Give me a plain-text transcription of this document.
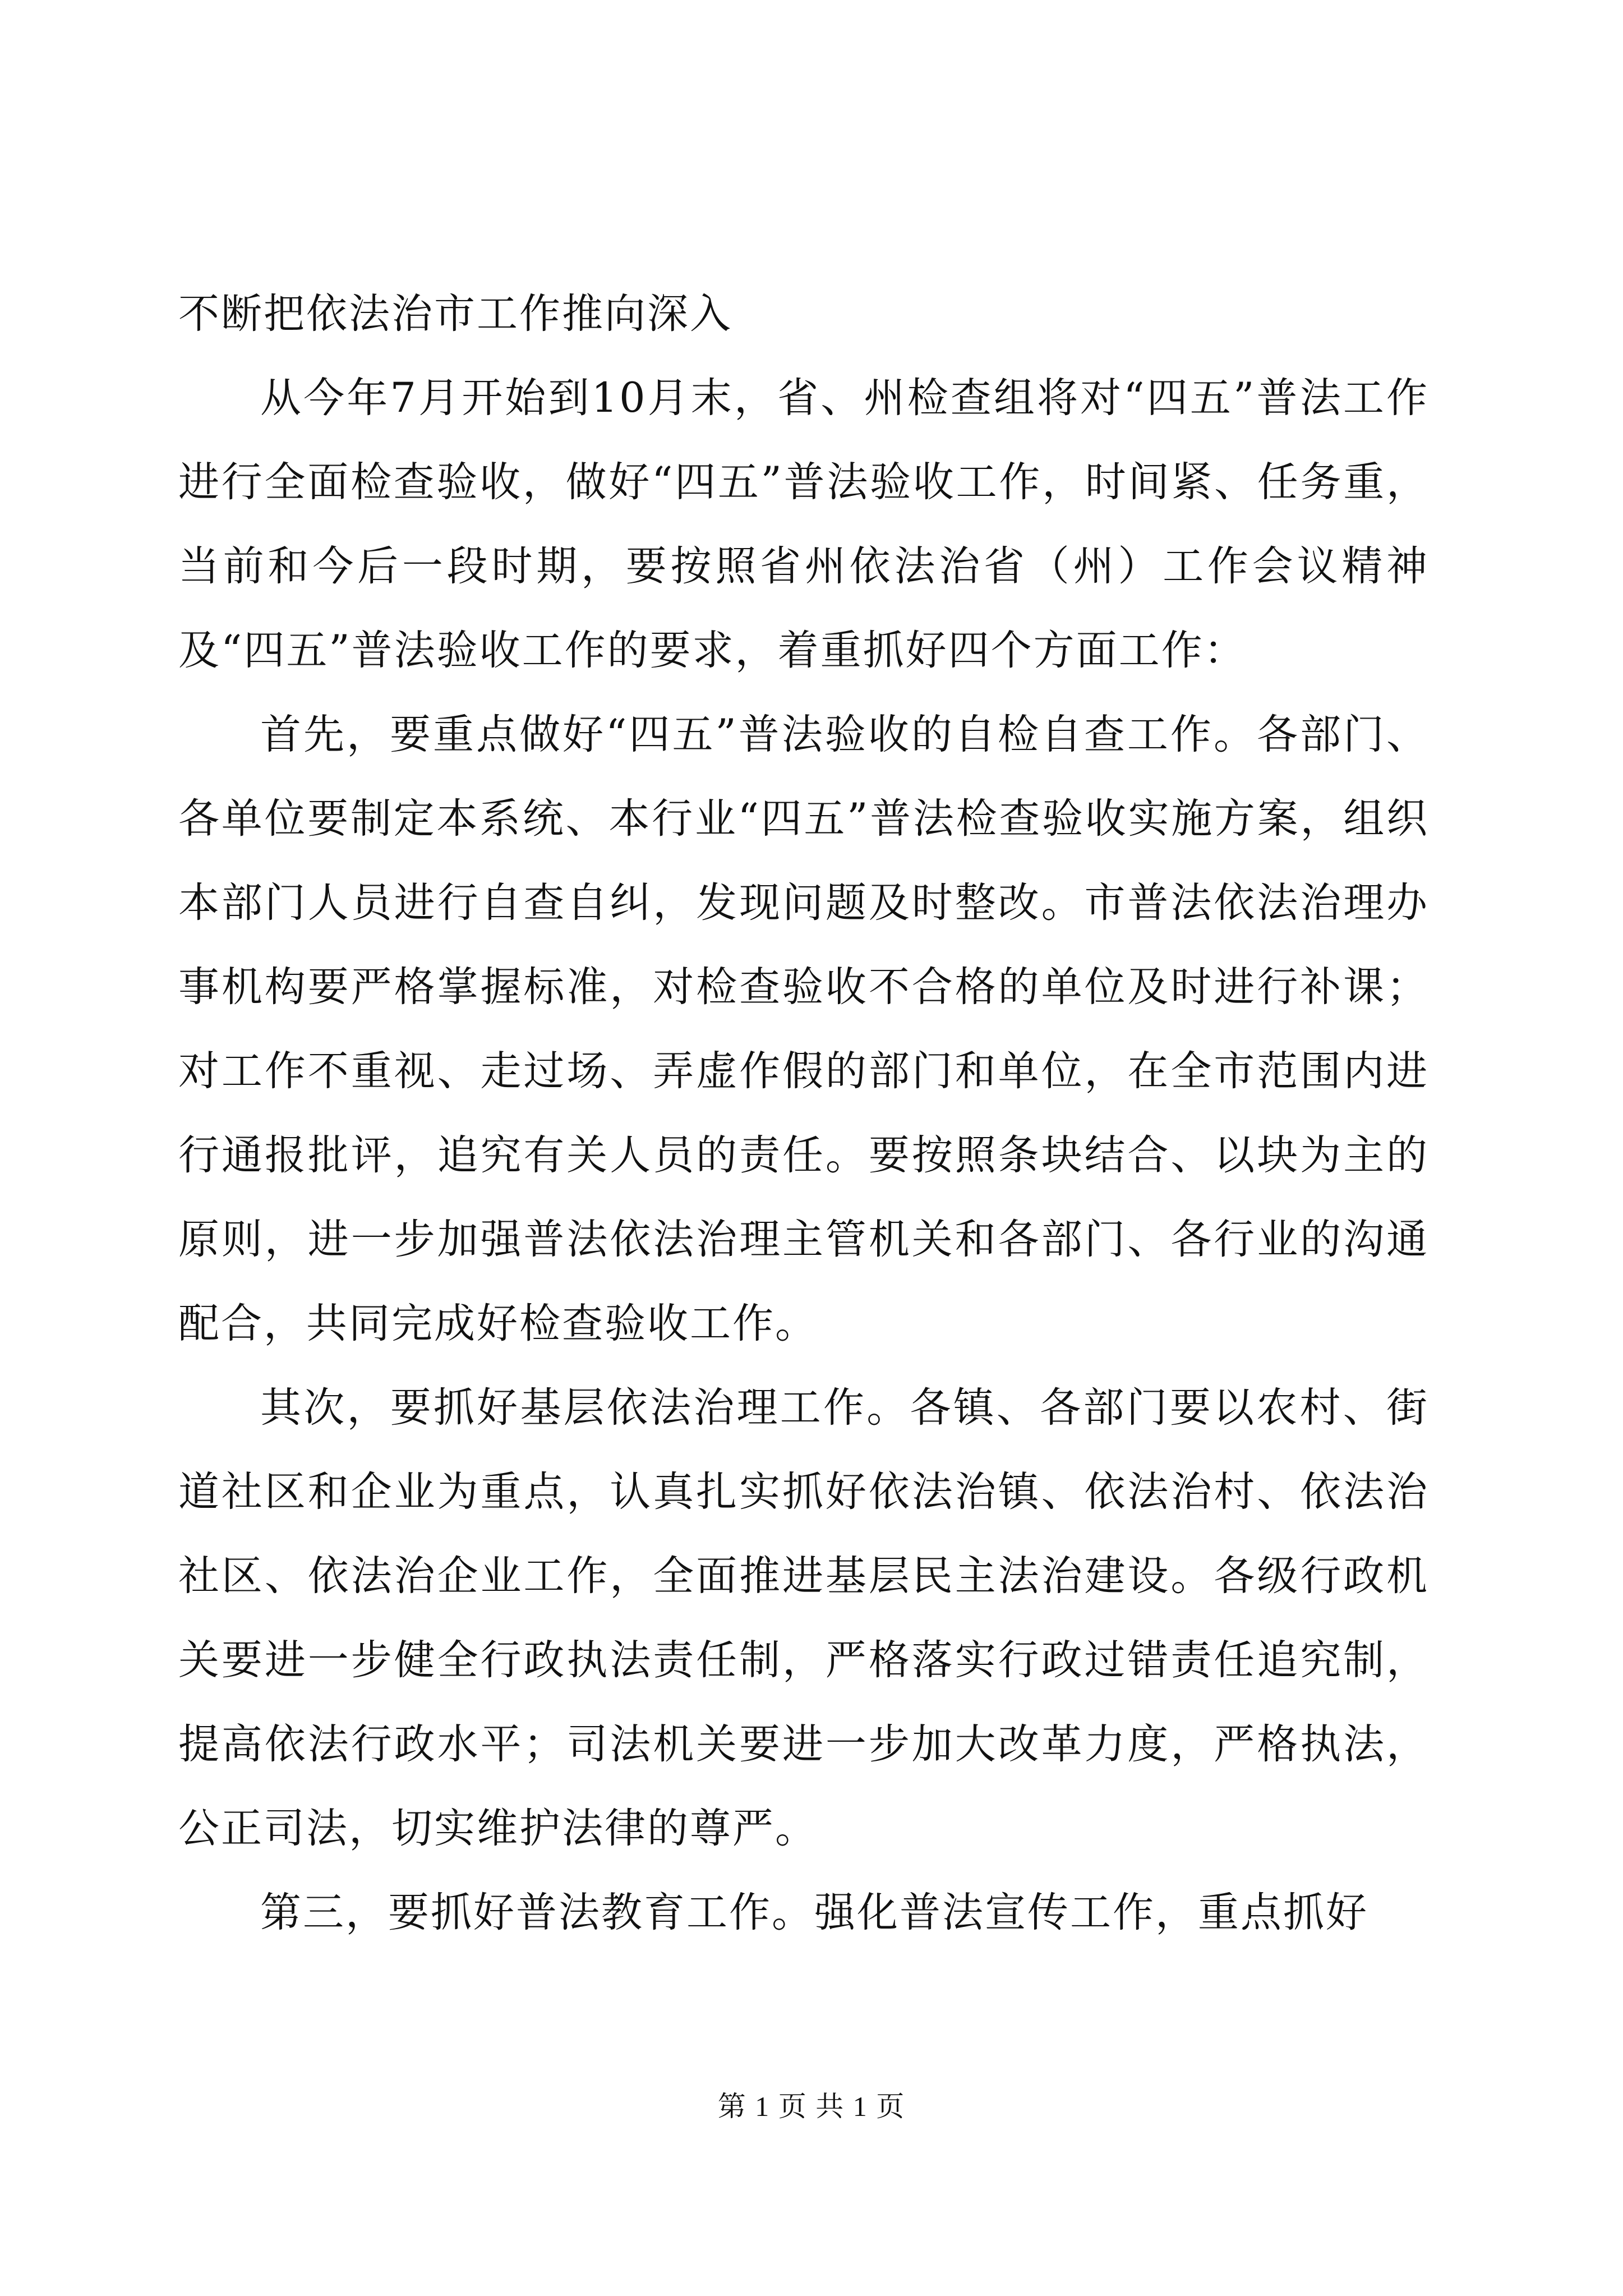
不断把依法治市工作推向深入

从今年7月开始到10月末，省、州检查组将对“四五”普法工作进行全面检查验收，做好“四五”普法验收工作，时间紧、任务重，当前和今后一段时期，要按照省州依法治省（州）工作会议精神及“四五”普法验收工作的要求，着重抓好四个方面工作：

首先，要重点做好“四五”普法验收的自检自查工作。各部门、各单位要制定本系统、本行业“四五”普法检查验收实施方案，组织本部门人员进行自查自纠，发现问题及时整改。市普法依法治理办事机构要严格掌握标准，对检查验收不合格的单位及时进行补课；对工作不重视、走过场、弄虚作假的部门和单位，在全市范围内进行通报批评，追究有关人员的责任。要按照条块结合、以块为主的原则，进一步加强普法依法治理主管机关和各部门、各行业的沟通配合，共同完成好检查验收工作。

其次，要抓好基层依法治理工作。各镇、各部门要以农村、街道社区和企业为重点，认真扎实抓好依法治镇、依法治村、依法治社区、依法治企业工作，全面推进基层民主法治建设。各级行政机关要进一步健全行政执法责任制，严格落实行政过错责任追究制，提高依法行政水平；司法机关要进一步加大改革力度，严格执法，公正司法，切实维护法律的尊严。

第三，要抓好普法教育工作。强化普法宣传工作，重点抓好

第 1 页 共 1 页
